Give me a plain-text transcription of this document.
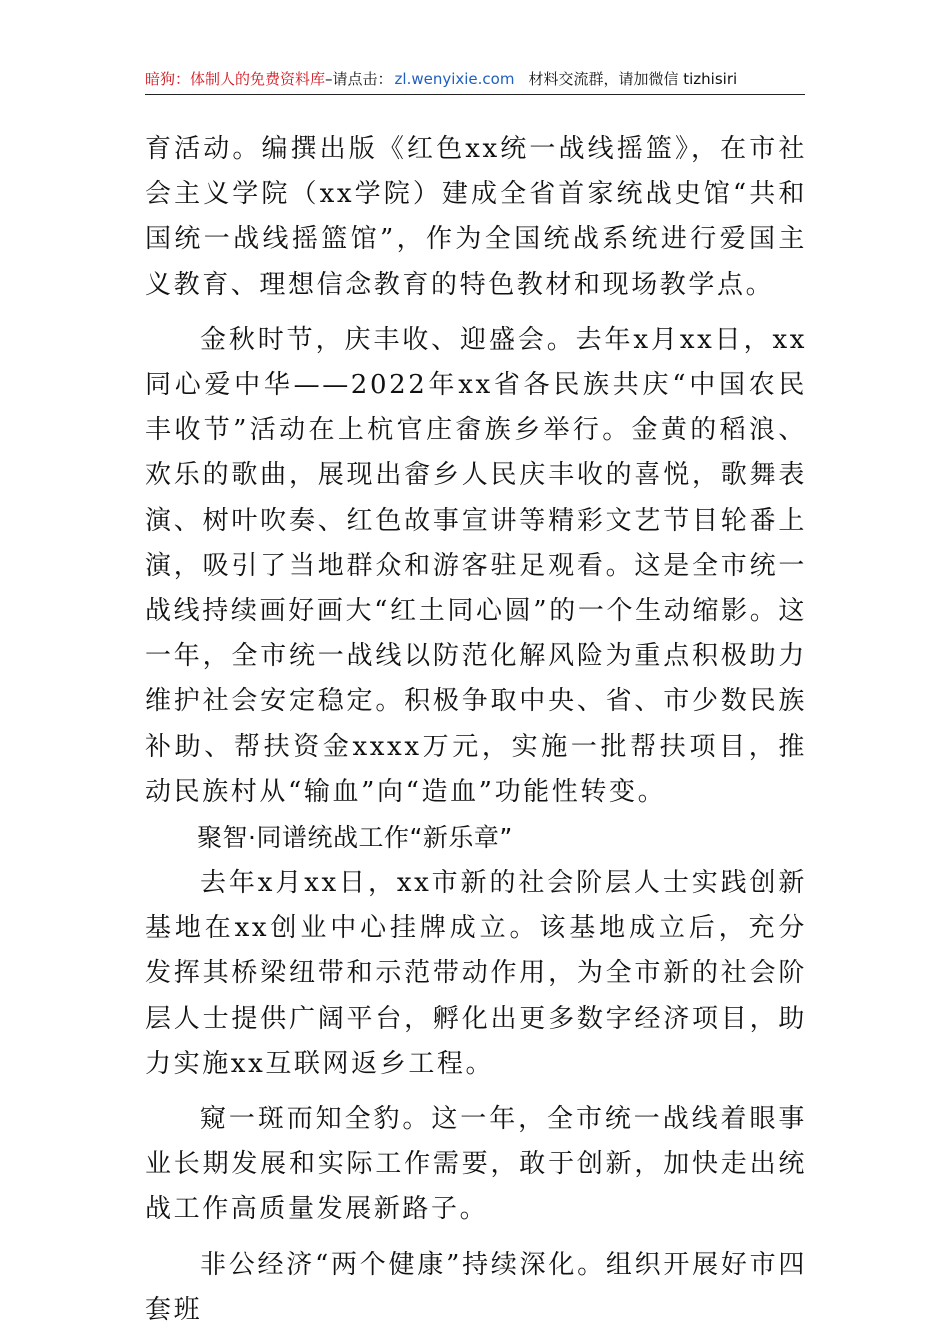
暗狗：体制人的免费资料库–请点击： zl.wenyixie.com 材料交流群，请加微信 tizhisiri

育活动。编撰出版《红色xx统一战线摇篮》，在市社会主义学院（xx学院）建成全省首家统战史馆“共和国统一战线摇篮馆”，作为全国统战系统进行爱国主义教育、理想信念教育的特色教材和现场教学点。

金秋时节，庆丰收、迎盛会。去年x月xx日，xx同心爱中华——2022年xx省各民族共庆“中国农民丰收节”活动在上杭官庄畲族乡举行。金黄的稻浪、欢乐的歌曲，展现出畲乡人民庆丰收的喜悦，歌舞表演、树叶吹奏、红色故事宣讲等精彩文艺节目轮番上演，吸引了当地群众和游客驻足观看。这是全市统一战线持续画好画大“红土同心圆”的一个生动缩影。这一年，全市统一战线以防范化解风险为重点积极助力维护社会安定稳定。积极争取中央、省、市少数民族补助、帮扶资金xxxx万元，实施一批帮扶项目，推动民族村从“输血”向“造血”功能性转变。

聚智·同谱统战工作“新乐章”

去年x月xx日，xx市新的社会阶层人士实践创新基地在xx创业中心挂牌成立。该基地成立后，充分发挥其桥梁纽带和示范带动作用，为全市新的社会阶层人士提供广阔平台，孵化出更多数字经济项目，助力实施xx互联网返乡工程。

窥一斑而知全豹。这一年，全市统一战线着眼事业长期发展和实际工作需要，敢于创新，加快走出统战工作高质量发展新路子。

非公经济“两个健康”持续深化。组织开展好市四套班
